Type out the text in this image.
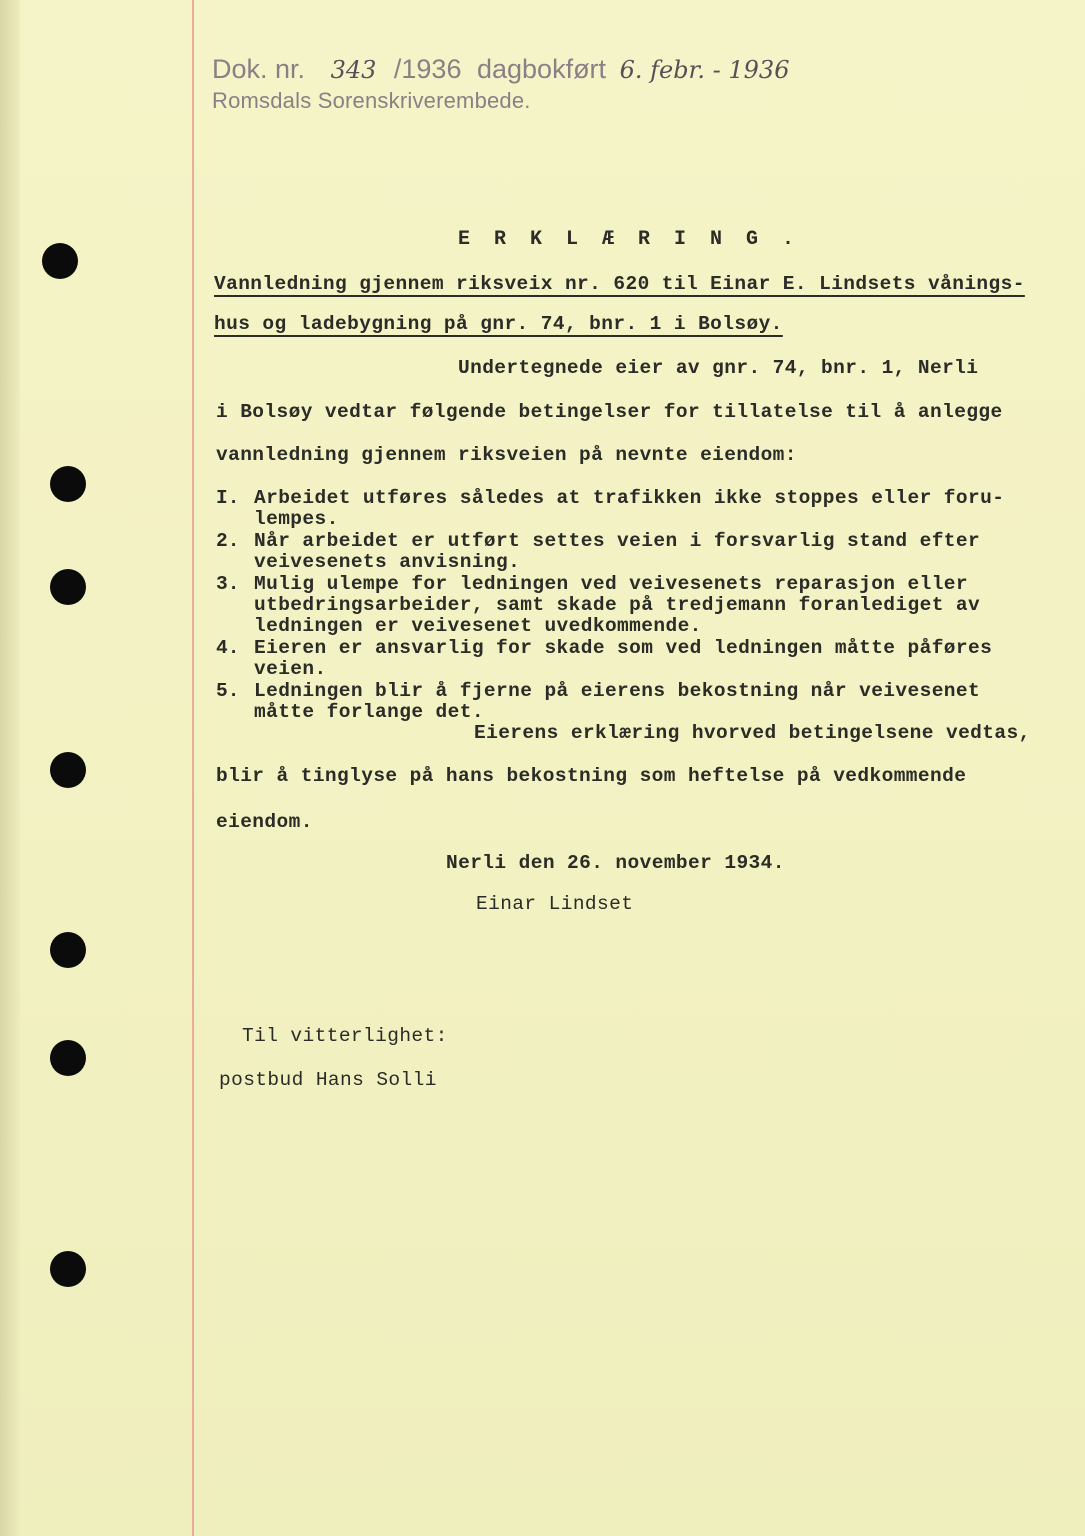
Dok. nr. 343 /1936 dagbokført 6. febr. - 1936
Romsdals Sorenskriverembede.
E R K L Æ R I N G .
Vannledning gjennem riksveix nr. 620 til Einar E. Lindsets vånings-
hus og ladebygning på gnr. 74, bnr. 1 i Bolsøy.
Undertegnede eier av gnr. 74, bnr. 1, Nerli
i Bolsøy vedtar følgende betingelser for tillatelse til å anlegge
vannledning gjennem riksveien på nevnte eiendom:
I. Arbeidet utføres således at trafikken ikke stoppes eller foru-
lempes.
2. Når arbeidet er utført settes veien i forsvarlig stand efter
veivesenets anvisning.
3. Mulig ulempe for ledningen ved veivesenets reparasjon eller
utbedringsarbeider, samt skade på tredjemann foranlediget av
ledningen er veivesenet uvedkommende.
4. Eieren er ansvarlig for skade som ved ledningen måtte påføres
veien.
5. Ledningen blir å fjerne på eierens bekostning når veivesenet
måtte forlange det.
Eierens erklæring hvorved betingelsene vedtas,
blir å tinglyse på hans bekostning som heftelse på vedkommende
eiendom.
Nerli den 26. november 1934.
Einar Lindset
Til vitterlighet:
postbud Hans Solli
